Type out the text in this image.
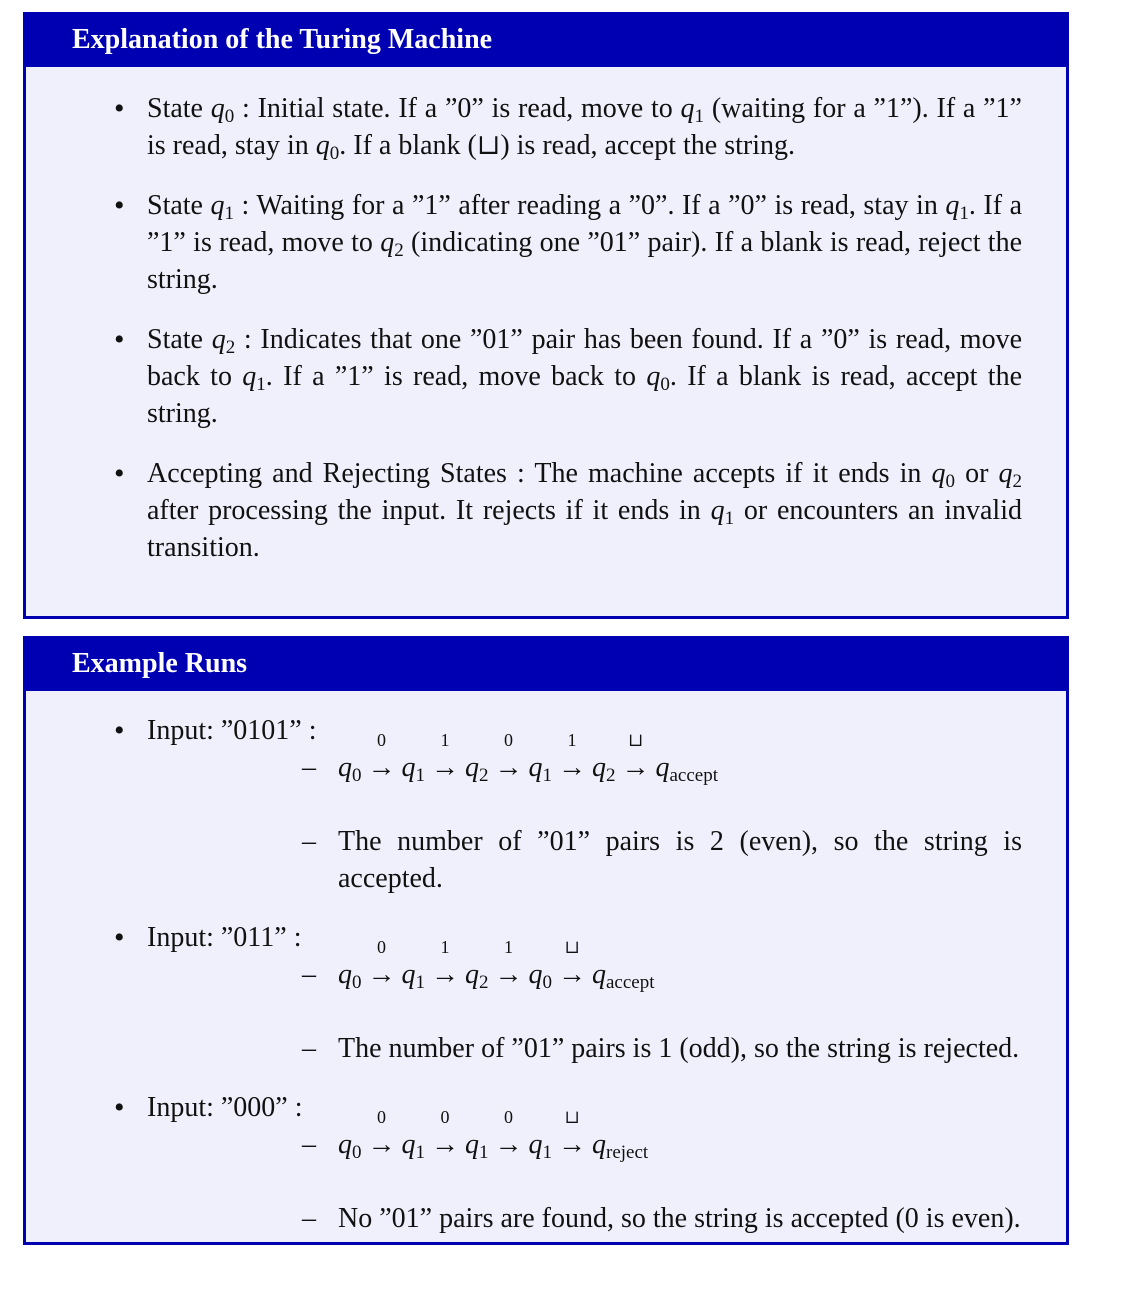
Explanation of the Turing Machine
• State $q_0$ : Initial state. If a ”0” is read, move to $q_1$ (waiting for a ”1”). If a ”1” is read, stay in $q_0$. If a blank (⊔) is read, accept the string.
• State $q_1$ : Waiting for a ”1” after reading a ”0”. If a ”0” is read, stay in $q_1$. If a ”1” is read, move to $q_2$ (indicating one ”01” pair). If a blank is read, reject the string.
• State $q_2$ : Indicates that one ”01” pair has been found. If a ”0” is read, move back to $q_1$. If a ”1” is read, move back to $q_0$. If a blank is read, accept the string.
• Accepting and Rejecting States : The machine accepts if it ends in $q_0$ or $q_2$ after processing the input. It rejects if it ends in $q_1$ or encounters an invalid transition.
Example Runs
• Input: ”0101” :
– $q_0$
0
→ $q_1$
1
→ $q_2$
0
→ $q_1$
1
→ $q_2$
⊔
→ $q_{accept}$
– The number of ”01” pairs is 2 (even), so the string is accepted.
• Input: ”011” :
– $q_0$
0
→ $q_1$
1
→ $q_2$
1
→ $q_0$
⊔
→ $q_{accept}$
– The number of ”01” pairs is 1 (odd), so the string is rejected.
• Input: ”000” :
– $q_0$
0
→ $q_1$
0
→ $q_1$
0
→ $q_1$
⊔
→ $q_{reject}$
– No ”01” pairs are found, so the string is accepted (0 is even).
